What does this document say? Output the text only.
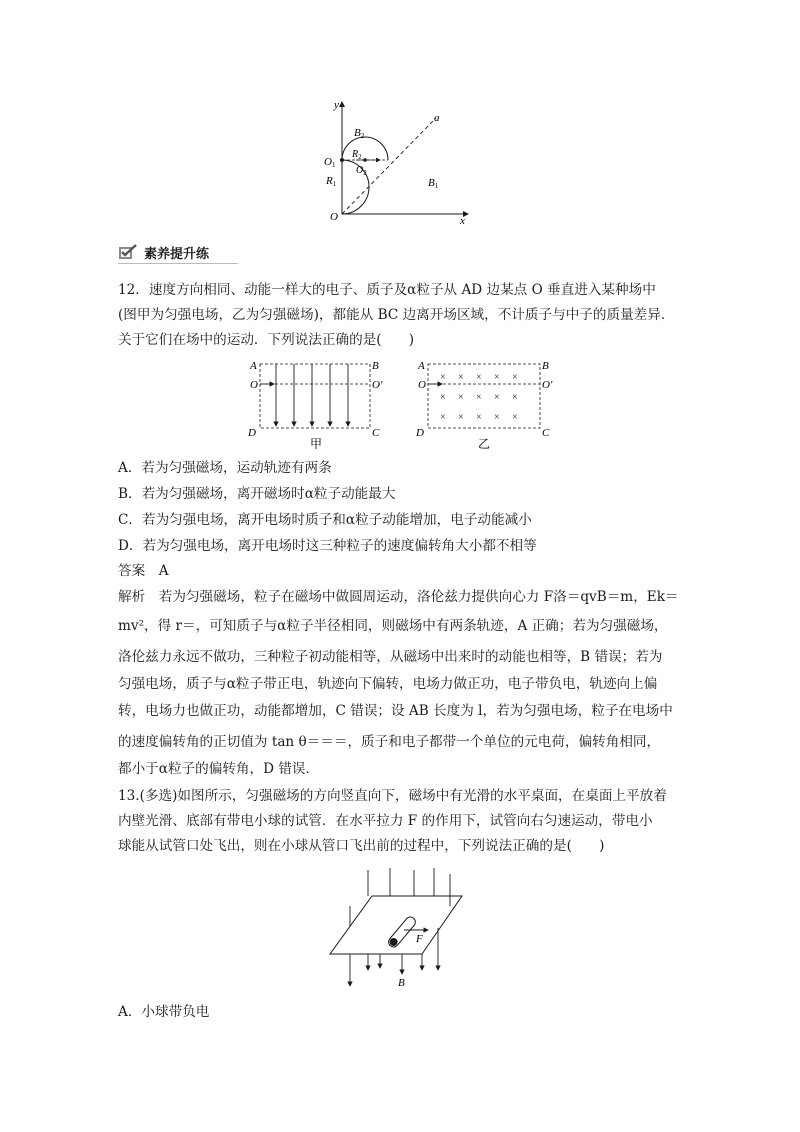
y
x
a
O
O1
R1
B2
$R_2$
$O_2$
B1
素养提升练
12．速度方向相同、动能一样大的电子、质子及α粒子从 AD 边某点 O 垂直进入某种场中
(图甲为匀强电场，乙为匀强磁场)，都能从 BC 边离开场区域，不计质子与中子的质量差异．
关于它们在场中的运动．下列说法正确的是(　　)
A	B
O	O′
D	C
甲
× × × × ×
× × × × ×
× × × × ×
A	B
O	O′
D	C
乙
A．若为匀强磁场，运动轨迹有两条
B．若为匀强磁场，离开磁场时α粒子动能最大
C．若为匀强电场，离开电场时质子和α粒子动能增加，电子动能减小
D．若为匀强电场，离开电场时这三种粒子的速度偏转角大小都不相等
答案　 A
解析　若为匀强磁场，粒子在磁场中做圆周运动，洛伦兹力提供向心力 F洛＝qvB＝m，Ek＝
mv²，得 r＝，可知质子与α粒子半径相同，则磁场中有两条轨迹，A 正确；若为匀强磁场，
洛伦兹力永远不做功，三种粒子初动能相等，从磁场中出来时的动能也相等，B 错误；若为
匀强电场，质子与α粒子带正电，轨迹向下偏转，电场力做正功，电子带负电，轨迹向上偏
转，电场力也做正功，动能都增加，C 错误；设 AB 长度为 l，若为匀强电场，粒子在电场中
的速度偏转角的正切值为 tan θ＝＝＝，质子和电子都带一个单位的元电荷，偏转角相同，
都小于α粒子的偏转角，D 错误．
13.(多选)如图所示，匀强磁场的方向竖直向下，磁场中有光滑的水平桌面，在桌面上平放着
内壁光滑、底部有带电小球的试管．在水平拉力 F 的作用下，试管向右匀速运动，带电小
球能从试管口处飞出，则在小球从管口飞出前的过程中，下列说法正确的是(　　)
F
B
A．小球带负电
